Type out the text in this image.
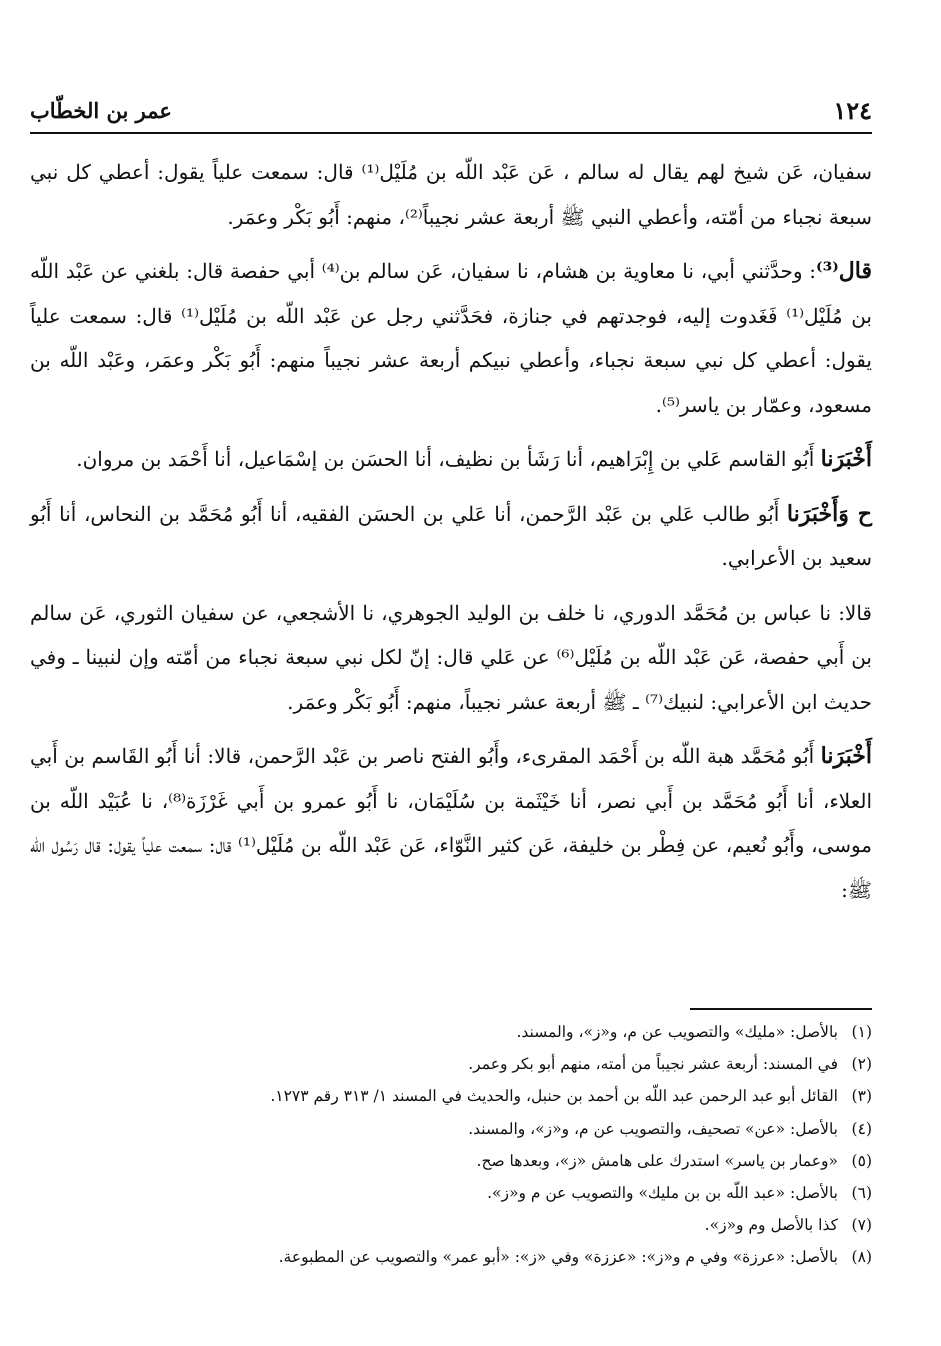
١٢٤
عمر بن الخطّاب

سفيان، عَن شيخ لهم يقال له سالم ، عَن عَبْد اللّه بن مُلَيْل⁽¹⁾ قال: سمعت علياً يقول: أعطي كل نبي سبعة نجباء من أمّته، وأعطي النبي ﷺ أربعة عشر نجيباً⁽²⁾، منهم: أَبُو بَكْر وعمَر.

قال⁽³⁾: وحدَّثني أبي، نا معاوية بن هشام، نا سفيان، عَن سالم بن⁽⁴⁾ أبي حفصة قال: بلغني عن عَبْد اللّه بن مُلَيْل⁽¹⁾ فَغَدوت إليه، فوجدتهم في جنازة، فحَدَّثني رجل عن عَبْد اللّه بن مُلَيْل⁽¹⁾ قال: سمعت علياً يقول: أعطي كل نبي سبعة نجباء، وأعطي نبيكم أربعة عشر نجيباً منهم: أَبُو بَكْر وعمَر، وعَبْد اللّه بن مسعود، وعمّار بن ياسر⁽⁵⁾.

أَخْبَرَنا أَبُو القاسم عَلي بن إِبْرَاهيم، أنا رَشَأ بن نظيف، أنا الحسَن بن إسْمَاعيل، أنا أَحْمَد بن مروان.

ح وَأَخْبَرَنا أَبُو طالب عَلي بن عَبْد الرَّحمن، أنا عَلي بن الحسَن الفقيه، أنا أَبُو مُحَمَّد بن النحاس، أنا أَبُو سعيد بن الأعرابي.

قالا: نا عباس بن مُحَمَّد الدوري، نا خلف بن الوليد الجوهري، نا الأشجعي، عن سفيان الثوري، عَن سالم بن أَبي حفصة، عَن عَبْد اللّه بن مُلَيْل⁽⁶⁾ عن عَلي قال: إنّ لكل نبي سبعة نجباء من أمّته وإن لنبينا ـ وفي حديث ابن الأعرابي: لنبيك⁽⁷⁾ ـ ﷺ أربعة عشر نجيباً، منهم: أَبُو بَكْر وعمَر.

أَخْبَرَنا أَبُو مُحَمَّد هبة اللّه بن أَحْمَد المقرىء، وأَبُو الفتح ناصر بن عَبْد الرَّحمن، قالا: أنا أَبُو القَاسم بن أَبي العلاء، أنا أَبُو مُحَمَّد بن أَبي نصر، أنا خَيْثَمة بن سُلَيْمَان، نا أَبُو عمرو بن أَبي غَرْزَة⁽⁸⁾، نا عُبَيْد اللّه بن موسى، وأَبُو نُعيم، عن فِطْر بن خليفة، عَن كثير النَّوّاء، عَن عَبْد اللّه بن مُلَيْل⁽¹⁾ قال: سمعت علياً يقول: قال رَسُول اللّه ﷺ:

(١)بالأصل: «مليك» والتصويب عن م، و«ز»، والمسند.
(٢)في المسند: أربعة عشر نجيباً من أمته، منهم أبو بكر وعمر.
(٣)القائل أبو عبد الرحمن عبد اللّه بن أحمد بن حنبل، والحديث في المسند ١/ ٣١٣ رقم ١٢٧٣.
(٤)بالأصل: «عن» تصحيف، والتصويب عن م، و«ز»، والمسند.
(٥)«وعمار بن ياسر» استدرك على هامش «ز»، وبعدها صح.
(٦)بالأصل: «عبد اللّه بن بن مليك» والتصويب عن م و«ز».
(٧)كذا بالأصل وم و«ز».
(٨)بالأصل: «عرزة» وفي م و«ز»: «عززة» وفي «ز»: «أبو عمر» والتصويب عن المطبوعة.
